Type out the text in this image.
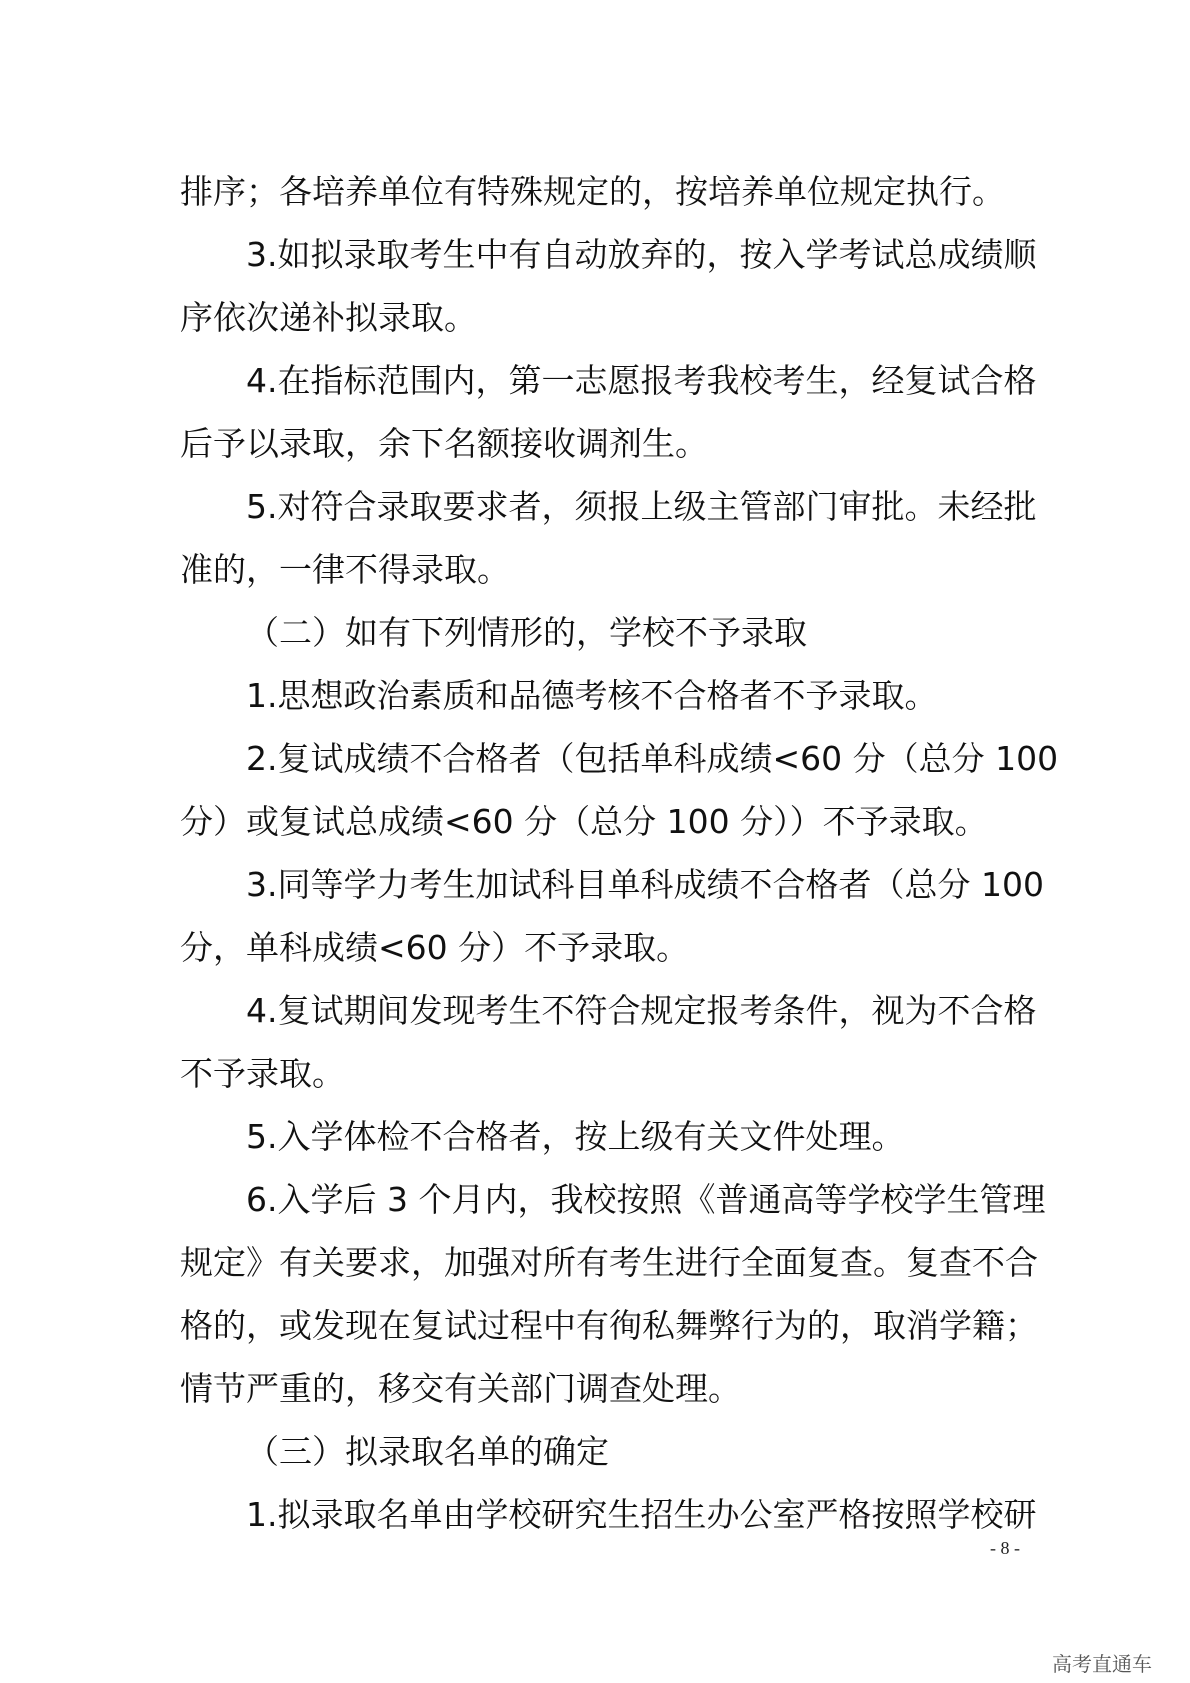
排序；各培养单位有特殊规定的，按培养单位规定执行。
3.如拟录取考生中有自动放弃的，按入学考试总成绩顺
序依次递补拟录取。
4.在指标范围内，第一志愿报考我校考生，经复试合格
后予以录取，余下名额接收调剂生。
5.对符合录取要求者，须报上级主管部门审批。未经批
准的，一律不得录取。
（二）如有下列情形的，学校不予录取
1.思想政治素质和品德考核不合格者不予录取。
2.复试成绩不合格者（包括单科成绩<60 分（总分 100
分）或复试总成绩<60 分（总分 100 分））不予录取。
3.同等学力考生加试科目单科成绩不合格者（总分 100
分，单科成绩<60 分）不予录取。
4.复试期间发现考生不符合规定报考条件，视为不合格
不予录取。
5.入学体检不合格者，按上级有关文件处理。
6.入学后 3 个月内，我校按照《普通高等学校学生管理
规定》有关要求，加强对所有考生进行全面复查。复查不合
格的，或发现在复试过程中有徇私舞弊行为的，取消学籍；
情节严重的，移交有关部门调查处理。
（三）拟录取名单的确定
1.拟录取名单由学校研究生招生办公室严格按照学校研
- 8 -
高考直通车
